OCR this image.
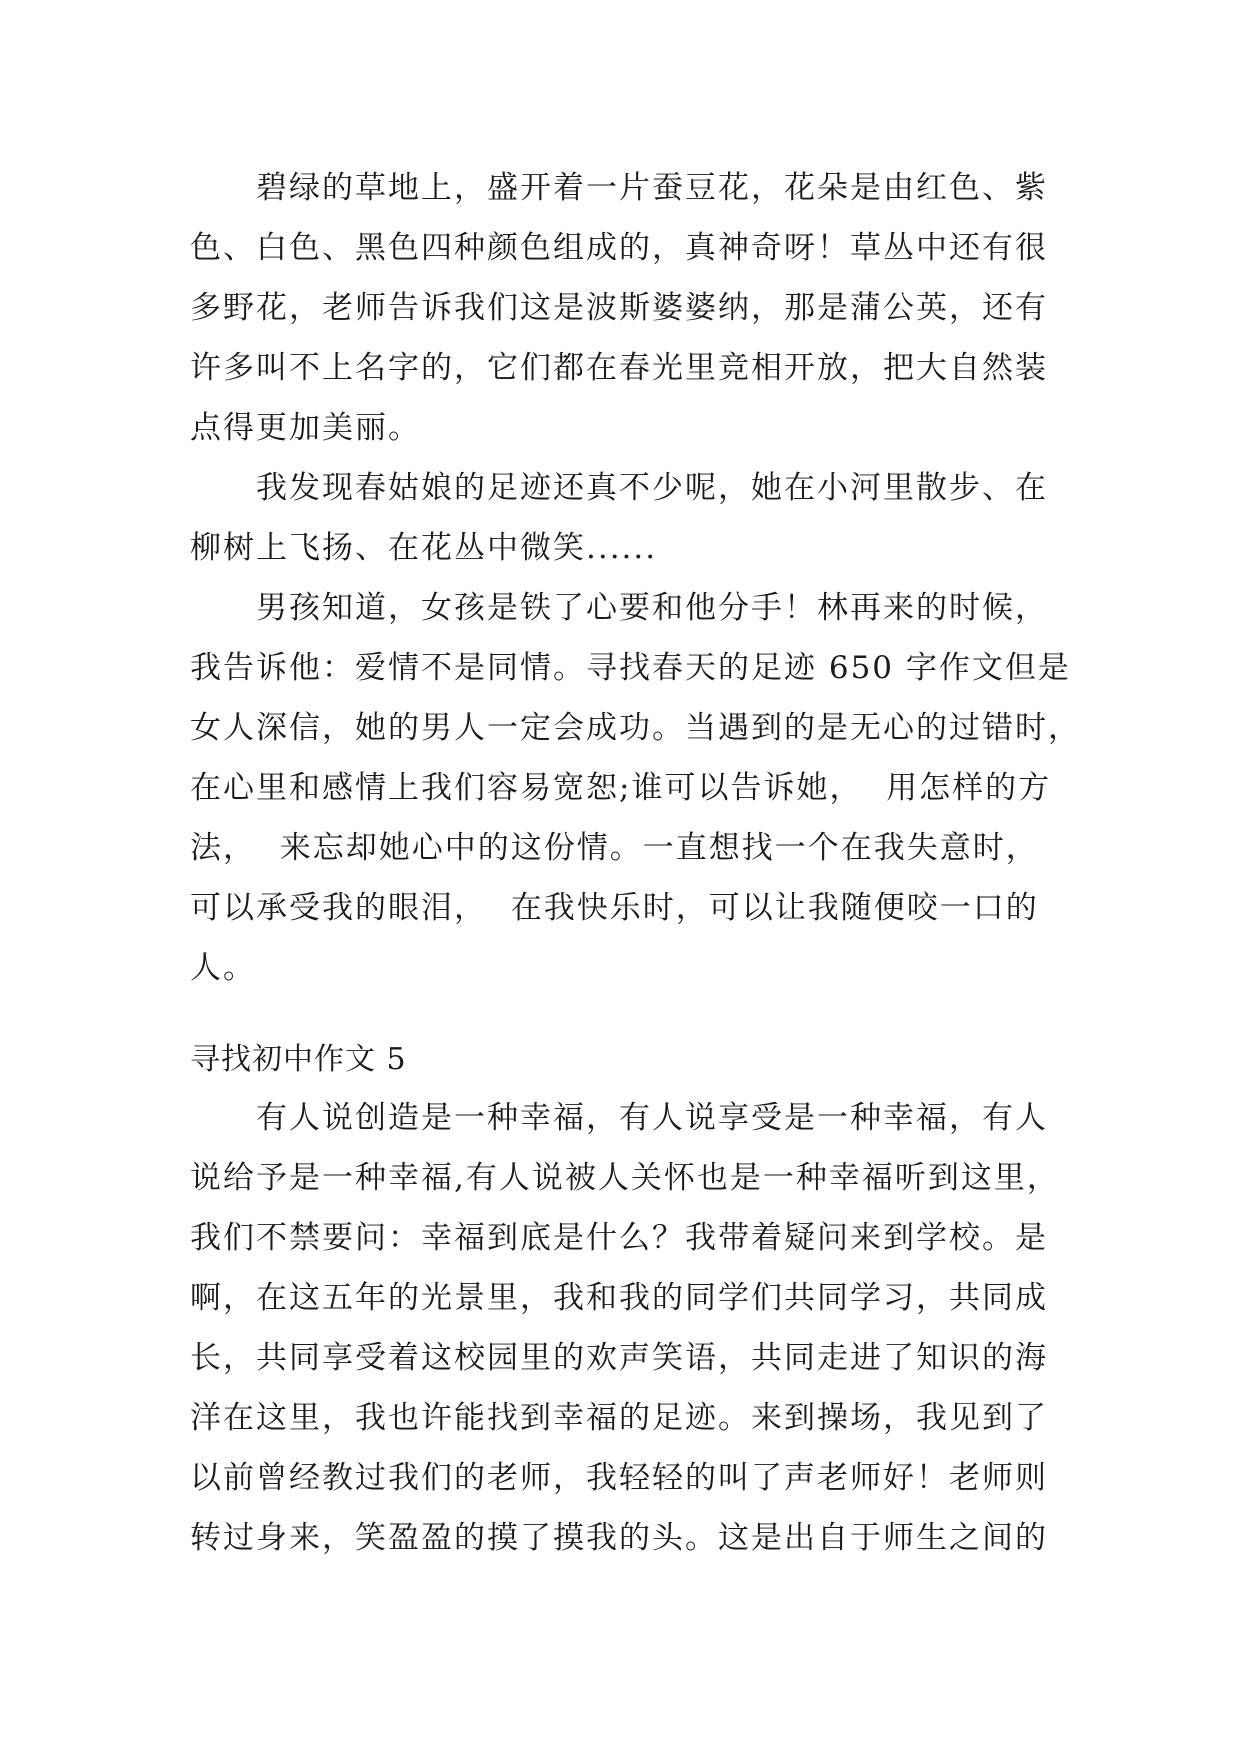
碧绿的草地上，盛开着一片蚕豆花，花朵是由红色、紫
色、白色、黑色四种颜色组成的，真神奇呀！草丛中还有很
多野花，老师告诉我们这是波斯婆婆纳，那是蒲公英，还有
许多叫不上名字的，它们都在春光里竞相开放，把大自然装
点得更加美丽。
我发现春姑娘的足迹还真不少呢，她在小河里散步、在
柳树上飞扬、在花丛中微笑......
男孩知道，女孩是铁了心要和他分手！林再来的时候，
我告诉他：爱情不是同情。寻找春天的足迹 650 字作文但是
女人深信，她的男人一定会成功。当遇到的是无心的过错时，
在心里和感情上我们容易宽恕;谁可以告诉她，  用怎样的方
法，  来忘却她心中的这份情。一直想找一个在我失意时，
可以承受我的眼泪，  在我快乐时，可以让我随便咬一口的
人。
寻找初中作文 5
有人说创造是一种幸福，有人说享受是一种幸福，有人
说给予是一种幸福,有人说被人关怀也是一种幸福听到这里，
我们不禁要问：幸福到底是什么？我带着疑问来到学校。是
啊，在这五年的光景里，我和我的同学们共同学习，共同成
长，共同享受着这校园里的欢声笑语，共同走进了知识的海
洋在这里，我也许能找到幸福的足迹。来到操场，我见到了
以前曾经教过我们的老师，我轻轻的叫了声老师好！老师则
转过身来，笑盈盈的摸了摸我的头。这是出自于师生之间的
